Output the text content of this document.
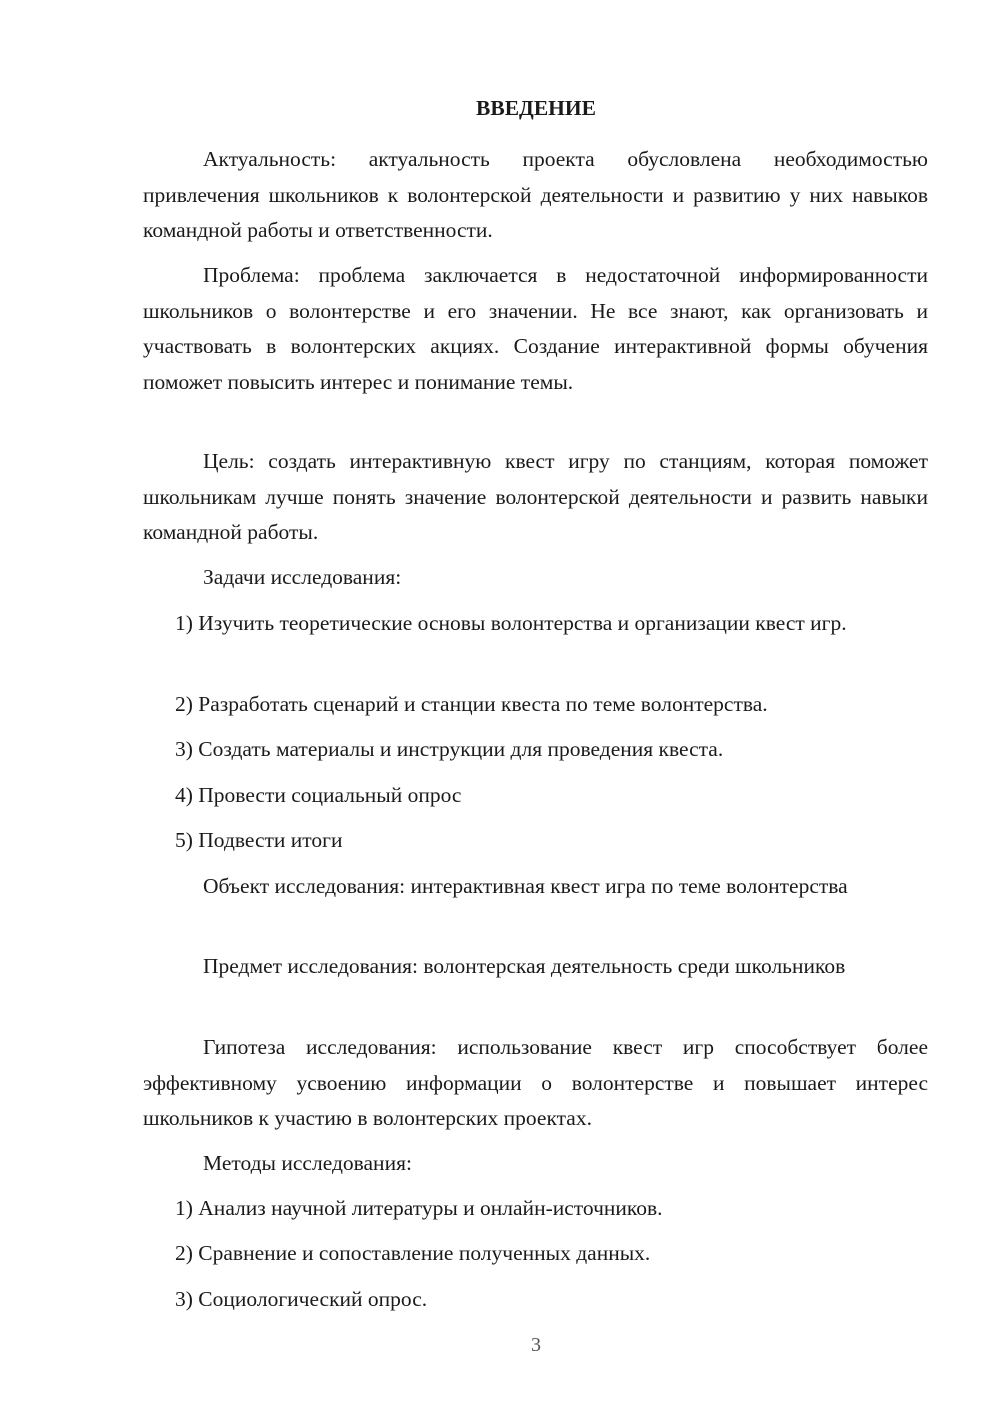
ВВЕДЕНИЕ

Актуальность: актуальность проекта обусловлена необходимостью привлечения школьников к волонтерской деятельности и развитию у них навыков командной работы и ответственности.

Проблема: проблема заключается в недостаточной информированности школьников о волонтерстве и его значении. Не все знают, как организовать и участвовать в волонтерских акциях. Создание интерактивной формы обучения поможет повысить интерес и понимание темы.

Цель: создать интерактивную квест игру по станциям, которая поможет школьникам лучше понять значение волонтерской деятельности и развить навыки командной работы.

Задачи исследования:

1) Изучить теоретические основы волонтерства и организации квест игр.

2) Разработать сценарий и станции квеста по теме волонтерства.

3) Создать материалы и инструкции для проведения квеста.

4) Провести социальный опрос

5) Подвести итоги

Объект исследования: интерактивная квест игра по теме волонтерства

Предмет исследования: волонтерская деятельность среди школьников

Гипотеза исследования: использование квест игр способствует более эффективному усвоению информации о волонтерстве и повышает интерес школьников к участию в волонтерских проектах.

Методы исследования:

1) Анализ научной литературы и онлайн-источников.

2) Сравнение и сопоставление полученных данных.

3) Социологический опрос.

3
